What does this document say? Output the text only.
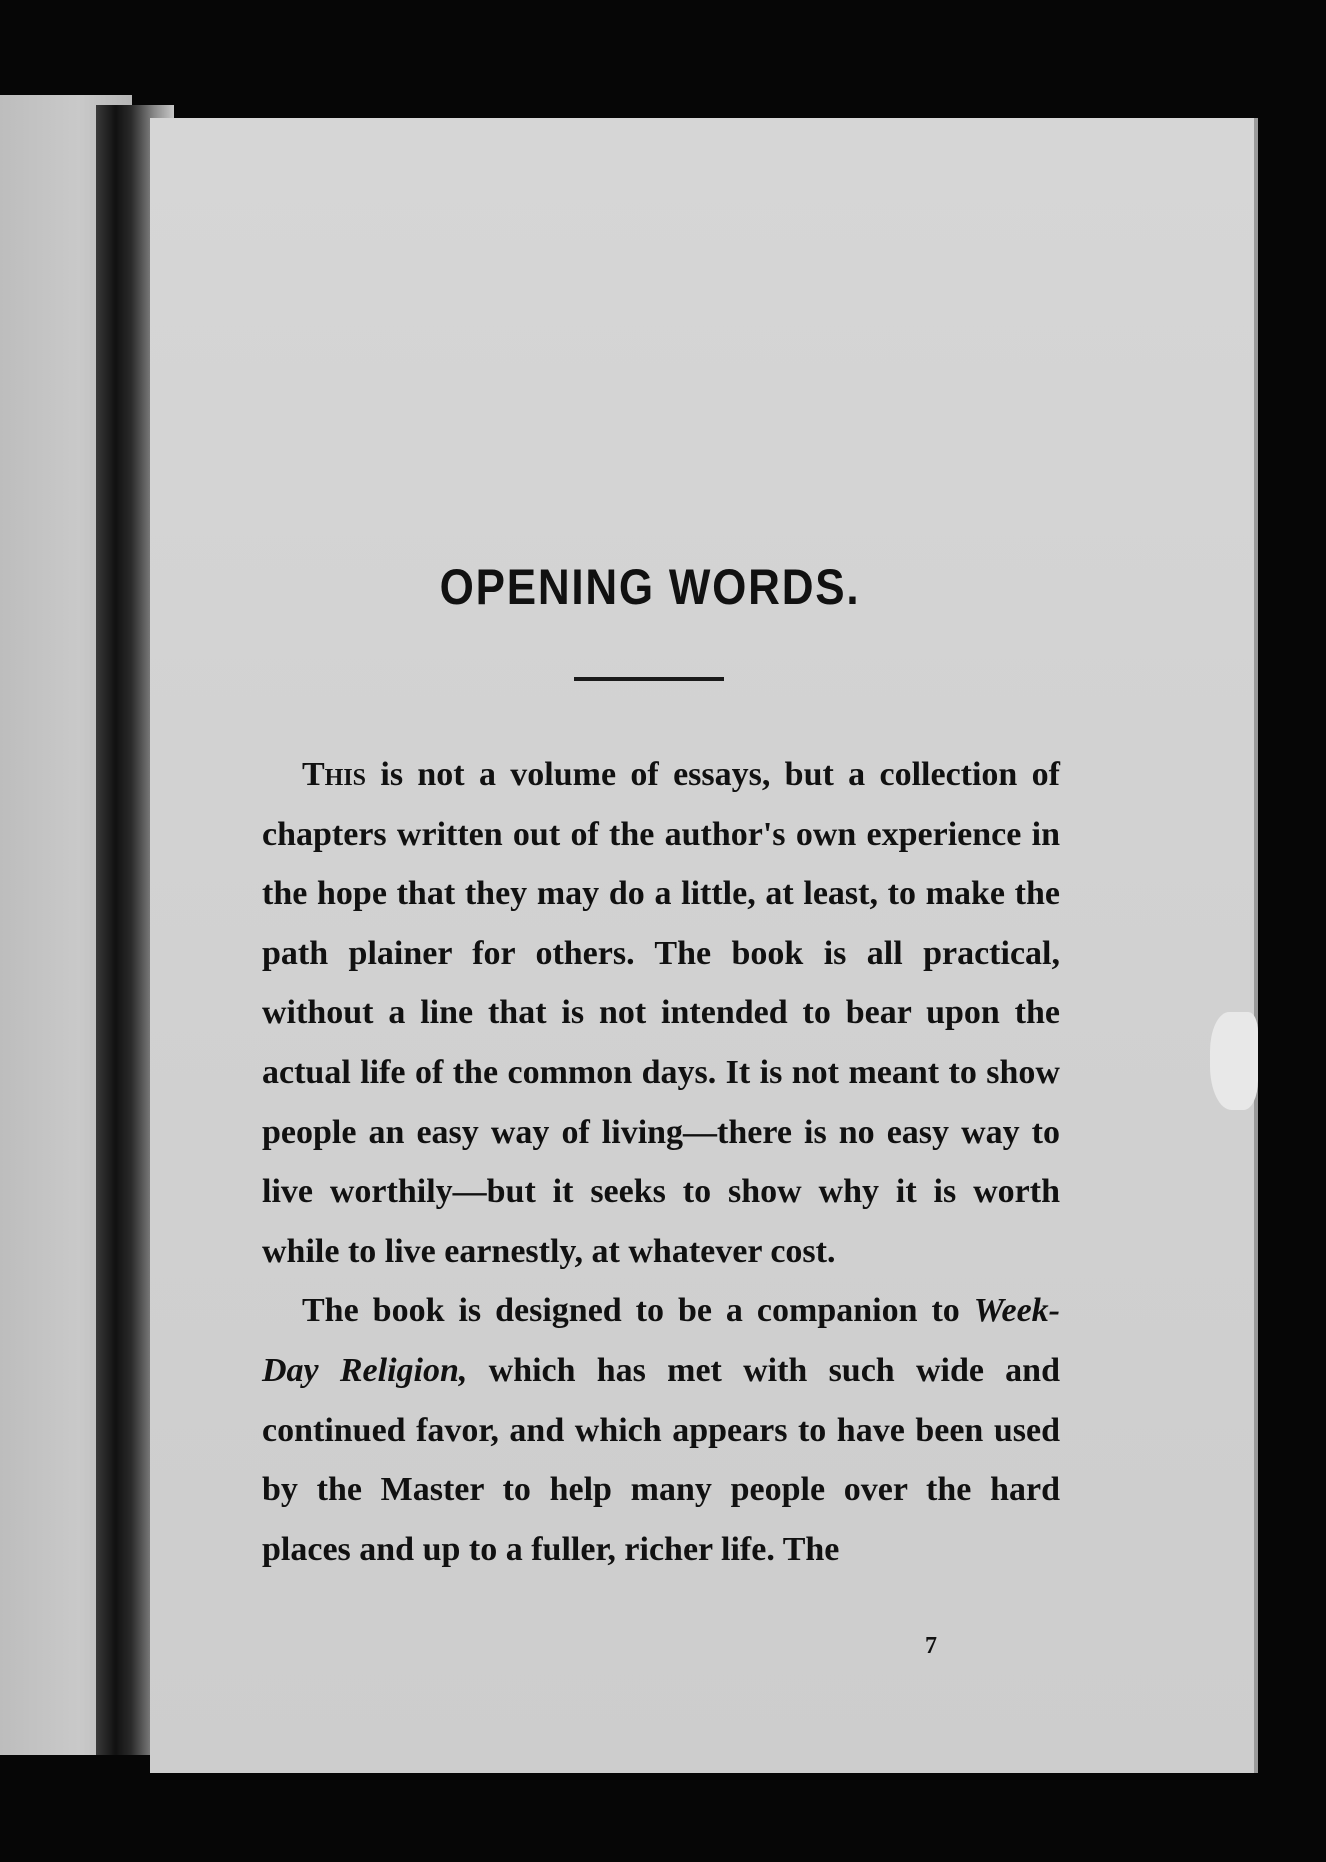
OPENING WORDS.

This is not a volume of essays, but a collection of chapters written out of the author's own experience in the hope that they may do a little, at least, to make the path plainer for others. The book is all practical, without a line that is not intended to bear upon the actual life of the common days. It is not meant to show people an easy way of living—there is no easy way to live worthily—but it seeks to show why it is worth while to live earnestly, at whatever cost.

The book is designed to be a companion to Week-Day Religion, which has met with such wide and continued favor, and which appears to have been used by the Master to help many people over the hard places and up to a fuller, richer life. The

7
